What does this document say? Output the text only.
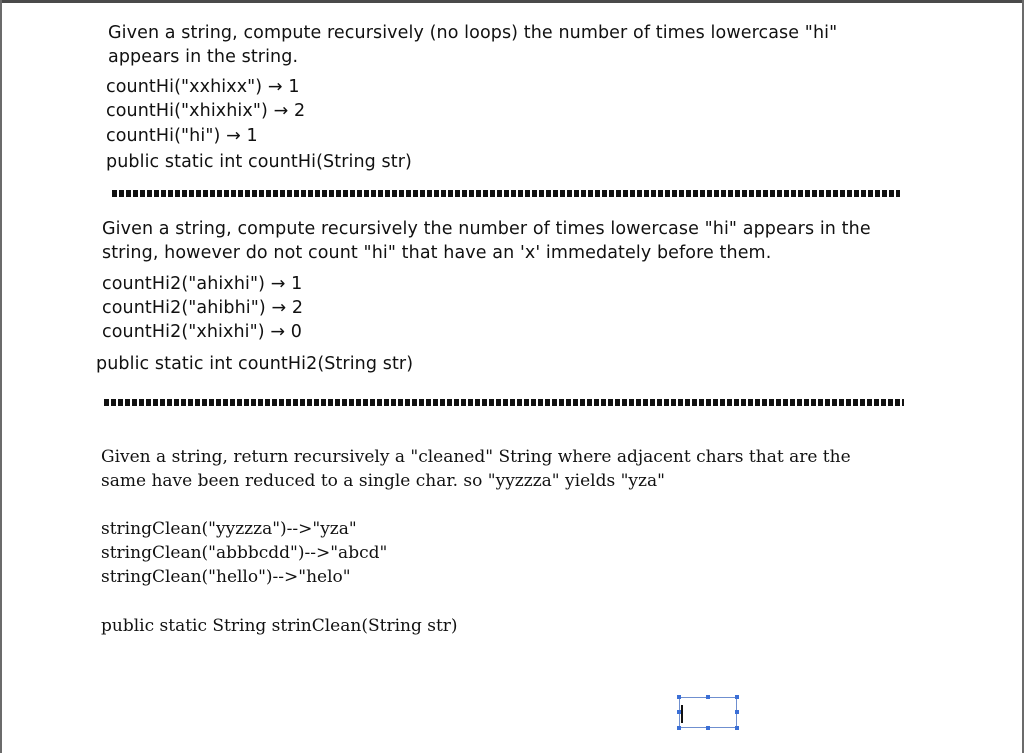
Given a string, compute recursively (no loops) the number of times lowercase "hi" appears in the string.

countHi("xxhixx") → 1

countHi("xhixhix") → 2

countHi("hi") → 1

public static int countHi(String str)

Given a string, compute recursively the number of times lowercase "hi" appears in the string, however do not count "hi" that have an 'x' immedately before them.

countHi2("ahixhi") → 1

countHi2("ahibhi") → 2

countHi2("xhixhi") → 0

public static int countHi2(String str)

Given a string, return recursively a "cleaned" String where adjacent chars that are the same have been reduced to a single char. so "yyzzza" yields "yza"

stringClean("yyzzza")-->"yza"

stringClean("abbbcdd")-->"abcd"

stringClean("hello")-->"helo"

public static String strinClean(String str)
